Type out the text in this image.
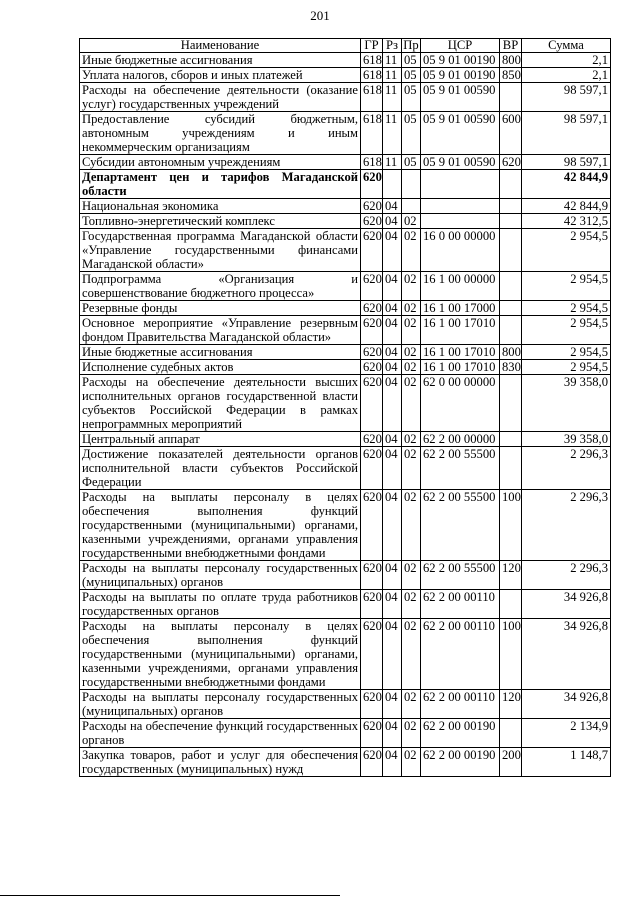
201
Наименование	ГР	Рз	Пр	ЦСР	ВР	Сумма
Иные бюджетные ассигнования	618	11	05	05 9 01 00190	800	2,1
Уплата налогов, сборов и иных платежей	618	11	05	05 9 01 00190	850	2,1
Расходы на обеспечение деятельности (оказание услуг) государственных учреждений	618	11	05	05 9 01 00590		98 597,1
Предоставление субсидий бюджетным, автономным учреждениям и иным некоммерческим организациям	618	11	05	05 9 01 00590	600	98 597,1
Субсидии автономным учреждениям	618	11	05	05 9 01 00590	620	98 597,1
Департамент цен и тарифов Магаданской области	620					42 844,9
Национальная экономика	620	04				42 844,9
Топливно-энергетический комплекс	620	04	02			42 312,5
Государственная программа Магаданской области «Управление государственными финансами Магаданской области»	620	04	02	16 0 00 00000		2 954,5
Подпрограмма «Организация и совершенствование бюджетного процесса»	620	04	02	16 1 00 00000		2 954,5
Резервные фонды	620	04	02	16 1 00 17000		2 954,5
Основное мероприятие «Управление резервным фондом Правительства Магаданской области»	620	04	02	16 1 00 17010		2 954,5
Иные бюджетные ассигнования	620	04	02	16 1 00 17010	800	2 954,5
Исполнение судебных актов	620	04	02	16 1 00 17010	830	2 954,5
Расходы на обеспечение деятельности высших исполнительных органов государственной власти субъектов Российской Федерации в рамках непрограммных мероприятий	620	04	02	62 0 00 00000		39 358,0
Центральный аппарат	620	04	02	62 2 00 00000		39 358,0
Достижение показателей деятельности органов исполнительной власти субъектов Российской Федерации	620	04	02	62 2 00 55500		2 296,3
Расходы на выплаты персоналу в целях обеспечения выполнения функций государственными (муниципальными) органами, казенными учреждениями, органами управления государственными внебюджетными фондами	620	04	02	62 2 00 55500	100	2 296,3
Расходы на выплаты персоналу государственных (муниципальных) органов	620	04	02	62 2 00 55500	120	2 296,3
Расходы на выплаты по оплате труда работников государственных органов	620	04	02	62 2 00 00110		34 926,8
Расходы на выплаты персоналу в целях обеспечения выполнения функций государственными (муниципальными) органами, казенными учреждениями, органами управления государственными внебюджетными фондами	620	04	02	62 2 00 00110	100	34 926,8
Расходы на выплаты персоналу государственных (муниципальных) органов	620	04	02	62 2 00 00110	120	34 926,8
Расходы на обеспечение функций государственных органов	620	04	02	62 2 00 00190		2 134,9
Закупка товаров, работ и услуг для обеспечения государственных (муниципальных) нужд	620	04	02	62 2 00 00190	200	1 148,7
